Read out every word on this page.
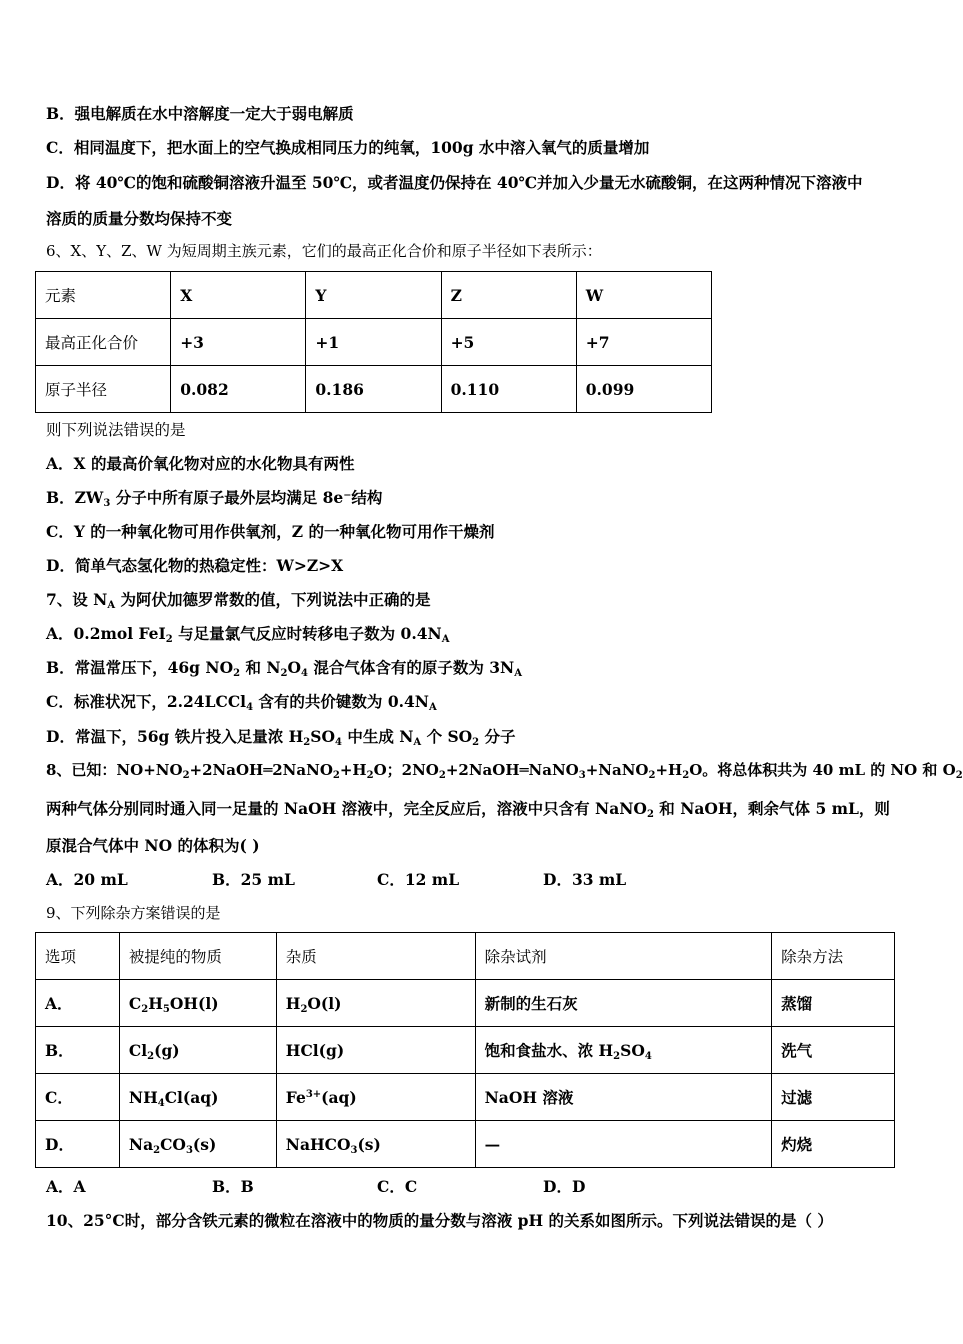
B．强电解质在水中溶解度一定大于弱电解质
C．相同温度下，把水面上的空气换成相同压力的纯氧，100g 水中溶入氧气的质量增加
D．将 40℃的饱和硫酸铜溶液升温至 50℃，或者温度仍保持在 40℃并加入少量无水硫酸铜，在这两种情况下溶液中
溶质的质量分数均保持不变
6、X、Y、Z、W 为短周期主族元素，它们的最高正化合价和原子半径如下表所示：
元素	X	Y	Z	W
最高正化合价	+3	+1	+5	+7
原子半径	0.082	0.186	0.110	0.099
则下列说法错误的是
A．X 的最高价氧化物对应的水化物具有两性
B．$ZW_3$ 分子中所有原子最外层均满足 8e⁻结构
C．Y 的一种氧化物可用作供氧剂，Z 的一种氧化物可用作干燥剂
D．简单气态氢化物的热稳定性：W>Z>X
7、设 $N_A$ 为阿伏加德罗常数的值，下列说法中正确的是
A．0.2mol FeI$_2$ 与足量氯气反应时转移电子数为 $0.4N_A$
B．常温常压下，46g $NO_2$ 和 $N_2O_4$ 混合气体含有的原子数为 $3N_A$
C．标准状况下，2.24LCCl$_4$ 含有的共价键数为 $0.4N_A$
D．常温下，56g 铁片投入足量浓 $H_2SO_4$ 中生成 $N_A$ 个 $SO_2$ 分子
8、已知：$NO+NO_2+2NaOH═2NaNO_2+H_2O$；$2NO_2+2NaOH═NaNO_3+NaNO_2+H_2O$。将总体积共为 40 mL 的 NO 和 $O_2$
两种气体分别同时通入同一足量的 NaOH 溶液中，完全反应后，溶液中只含有 NaNO$_2$ 和 NaOH，剩余气体 5 mL，则
原混合气体中 NO 的体积为( )
A．20 mL	B．25 mL	C．12 mL	D．33 mL
9、下列除杂方案错误的是
选项	被提纯的物质	杂质	除杂试剂	除杂方法
A．	$C_2H_5OH(l)$	$H_2O(l)$	新制的生石灰	蒸馏
B．	$Cl_2(g)$	HCl(g)	饱和食盐水、浓 $H_2SO_4$	洗气
C．	$NH_4Cl(aq)$	$Fe^{3+}(aq)$	NaOH 溶液	过滤
D．	$Na_2CO_3(s)$	NaHCO$_3$(s)	—	灼烧
A．A	B．B	C．C	D．D
10、25°C时，部分含铁元素的微粒在溶液中的物质的量分数与溶液 pH 的关系如图所示。下列说法错误的是（ ）
